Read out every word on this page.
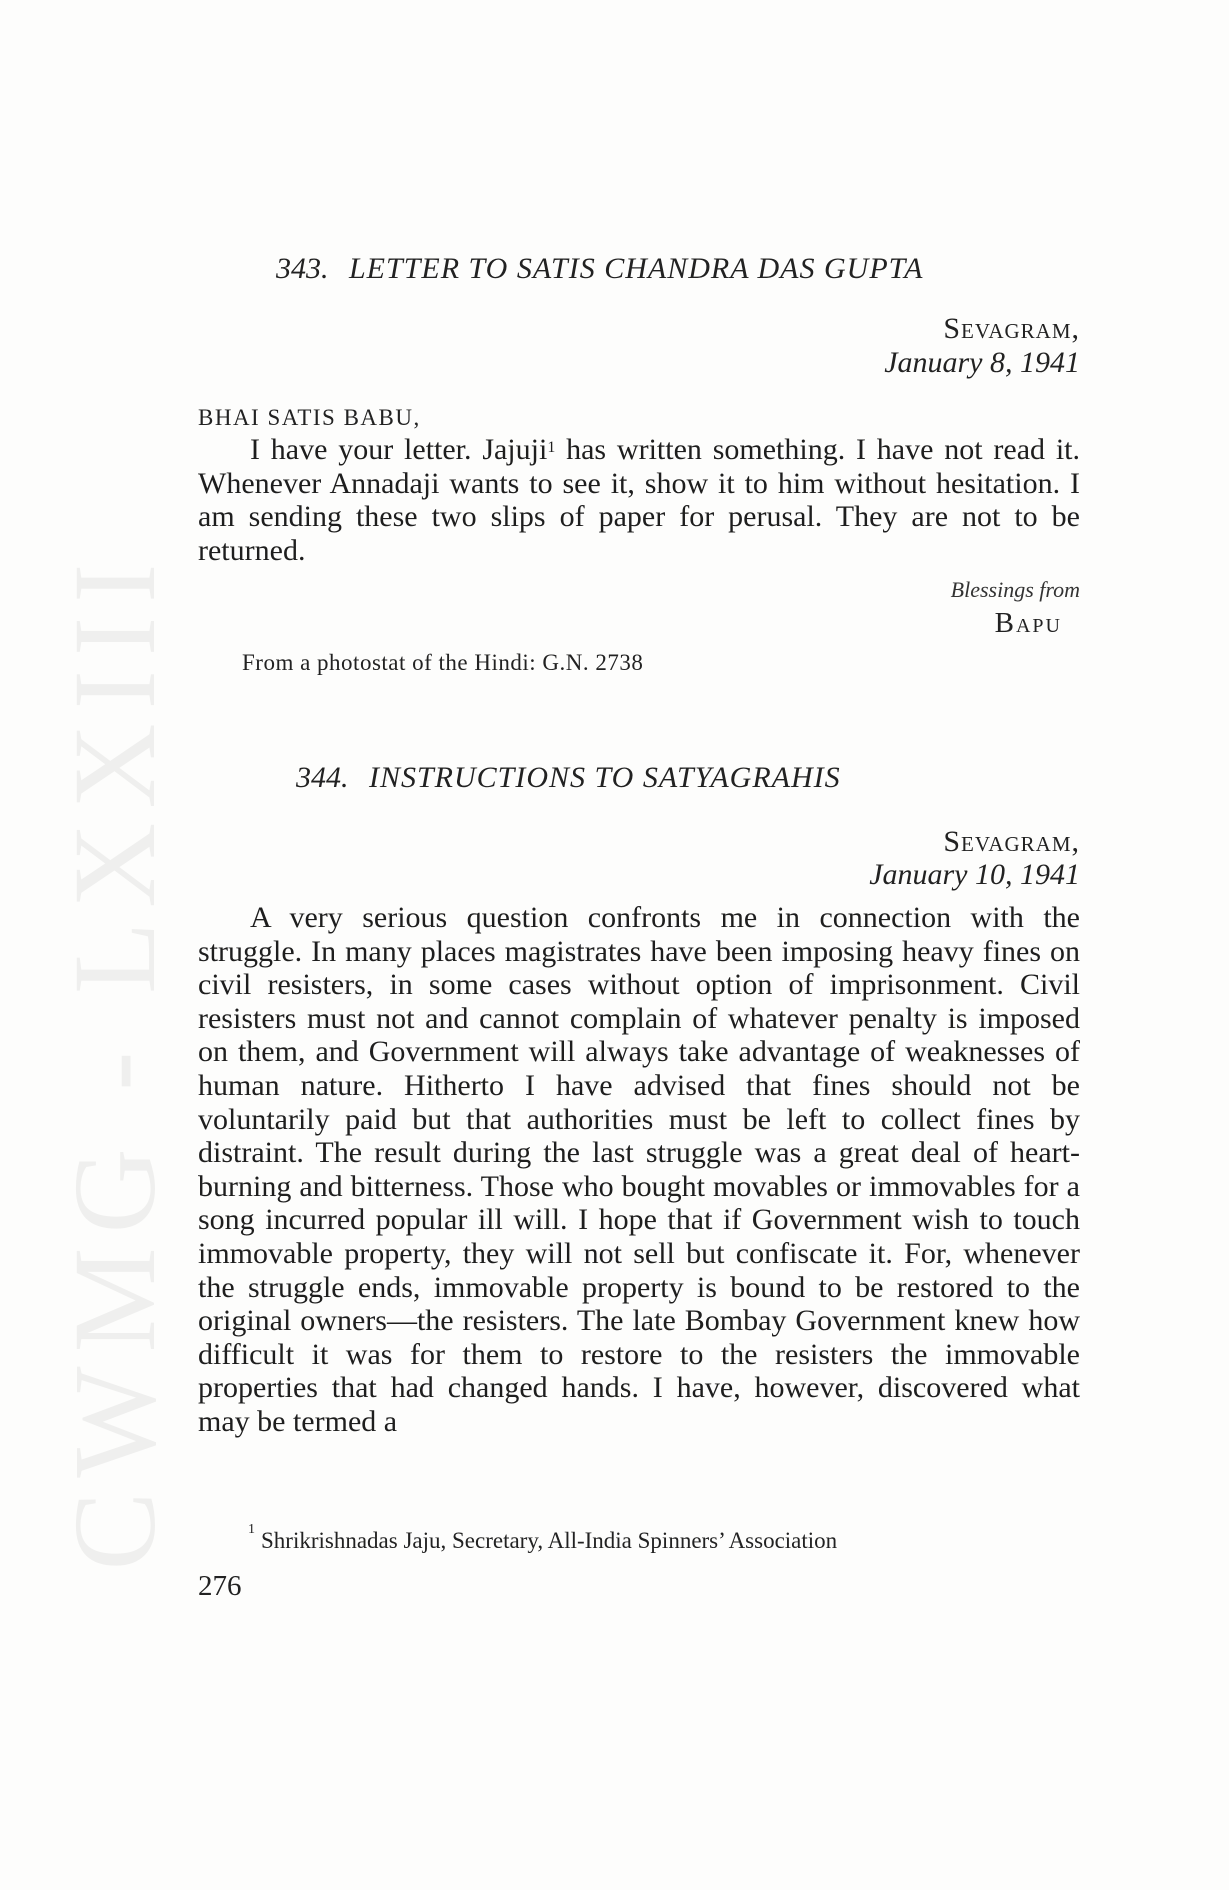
CWMG - LXXIII
343. LETTER TO SATIS CHANDRA DAS GUPTA
Sevagram,
January 8, 1941
BHAI SATIS BABU,

I have your letter. Jajuji$^1$ has written something. I have not read it. Whenever Annadaji wants to see it, show it to him without hesitation. I am sending these two slips of paper for perusal. They are not to be returned.

Blessings from
Bapu
From a photostat of the Hindi: G.N. 2738
344. INSTRUCTIONS TO SATYAGRAHIS
Sevagram,
January 10, 1941

A very serious question confronts me in connection with the struggle. In many places magistrates have been imposing heavy fines on civil resisters, in some cases without option of imprisonment. Civil resisters must not and cannot complain of whatever penalty is imposed on them, and Government will always take advantage of weaknesses of human nature. Hitherto I have advised that fines should not be voluntarily paid but that authorities must be left to collect fines by distraint. The result during the last struggle was a great deal of heart-burning and bitterness. Those who bought movables or immovables for a song incurred popular ill will. I hope that if Government wish to touch immovable property, they will not sell but confiscate it. For, whenever the struggle ends, immovable property is bound to be restored to the original owners—the resisters. The late Bombay Government knew how difficult it was for them to restore to the resisters the immovable properties that had changed hands. I have, however, discovered what may be termed a

$^1$ Shrikrishnadas Jaju, Secretary, All-India Spinners’ Association
276
